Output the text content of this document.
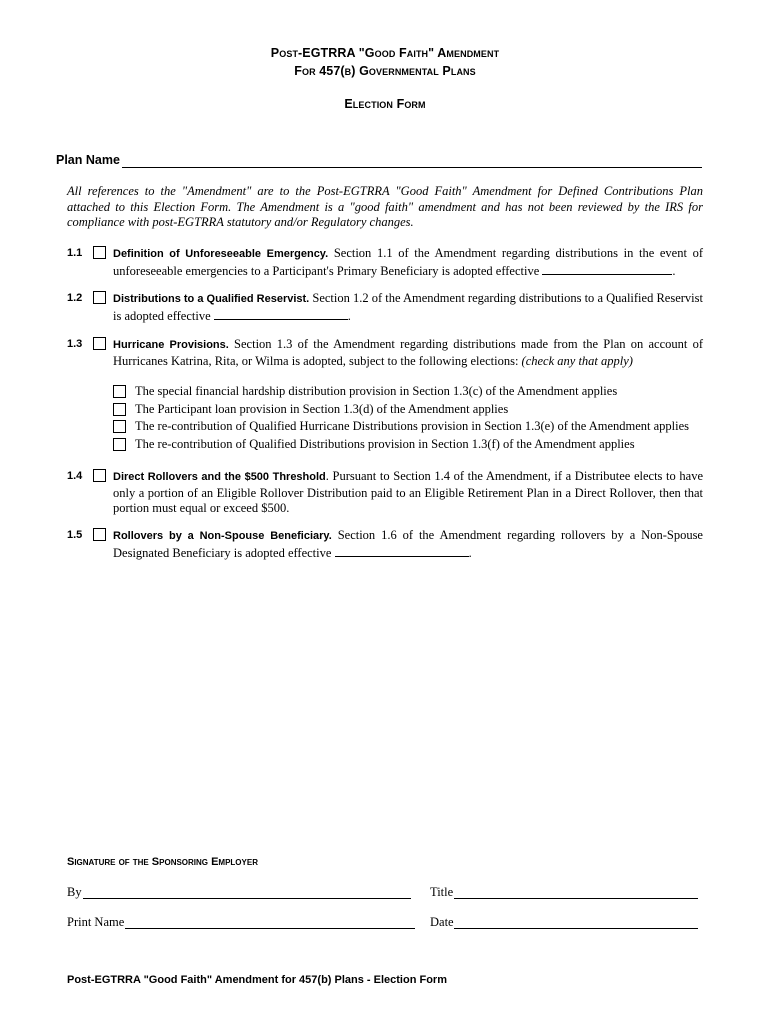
Post-EGTRRA "Good Faith" Amendment
For 457(b) Governmental Plans
Election Form
Plan Name

All references to the "Amendment" are to the Post-EGTRRA "Good Faith" Amendment for Defined Contributions Plan attached to this Election Form. The Amendment is a "good faith" amendment and has not been reviewed by the IRS for compliance with post-EGTRRA statutory and/or Regulatory changes.

1.1	Definition of Unforeseeable Emergency. Section 1.1 of the Amendment regarding distributions in the event of unforeseeable emergencies to a Participant's Primary Beneficiary is adopted effective	.
1.2	Distributions to a Qualified Reservist. Section 1.2 of the Amendment regarding distributions to a Qualified Reservist is adopted effective	.
1.3	Hurricane Provisions. Section 1.3 of the Amendment regarding distributions made from the Plan on account of Hurricanes Katrina, Rita, or Wilma is adopted, subject to the following elections: (check any that apply)
The special financial hardship distribution provision in Section 1.3(c) of the Amendment applies
The Participant loan provision in Section 1.3(d) of the Amendment applies
The re-contribution of Qualified Hurricane Distributions provision in Section 1.3(e) of the Amendment applies
The re-contribution of Qualified Distributions provision in Section 1.3(f) of the Amendment applies
1.4	Direct Rollovers and the $500 Threshold. Pursuant to Section 1.4 of the Amendment, if a Distributee elects to have only a portion of an Eligible Rollover Distribution paid to an Eligible Retirement Plan in a Direct Rollover, then that portion must equal or exceed $500.
1.5	Rollovers by a Non-Spouse Beneficiary. Section 1.6 of the Amendment regarding rollovers by a Non-Spouse Designated Beneficiary is adopted effective	.
Signature of the Sponsoring Employer
By	Title
Print Name	Date
Post-EGTRRA "Good Faith" Amendment for 457(b) Plans - Election Form
